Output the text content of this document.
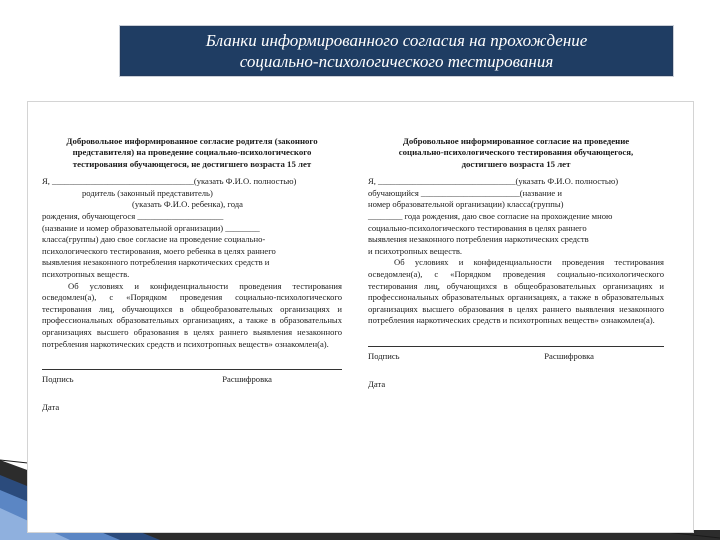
Бланки информированного согласия на прохождение
социально-психологического тестирования
Добровольное информированное согласие родителя (законного
представителя) на проведение социально-психологического
тестирования обучающегося, не достигшего возраста 15 лет

Я, _________________________________(указать Ф.И.О. полностью)

родитель (законный представитель)

(указать Ф.И.О. ребенка), года

рождения, обучающегося ____________________

(название и номер образовательной организации) ________

класса(группы) даю свое согласие на проведение социально-

психологического тестирования, моего ребенка в целях раннего

выявления незаконного потребления наркотических средств и

психотропных веществ.

Об условиях и конфиденциальности проведения тестирования осведомлен(а), с «Порядком проведения социально-психологического тестирования лиц, обучающихся в общеобразовательных организациях и профессиональных образовательных организациях, а также в образовательных организациях высшего образования в целях раннего выявления незаконного потребления наркотических средств и психотропных веществ» ознакомлен(а).

Подпись	Расшифровка
Дата
Добровольное информированное согласие на проведение
социально-психологического тестирования обучающегося,
достигшего возраста 15 лет

Я, ________________________________(указать Ф.И.О. полностью)

обучающийся _______________________(название и

номер образовательной организации) класса(группы)

________ года рождения, даю свое согласие на прохождение мною

социально-психологического тестирования в целях раннего

выявления незаконного потребления наркотических средств

и психотропных веществ.

Об условиях и конфиденциальности проведения тестирования осведомлен(а), с «Порядком проведения социально-психологического тестирования лиц, обучающихся в общеобразовательных организациях и профессиональных образовательных организациях, а также в образовательных организациях высшего образования в целях раннего выявления незаконного потребления наркотических средств и психотропных веществ» ознакомлен(а).

Подпись	Расшифровка
Дата
